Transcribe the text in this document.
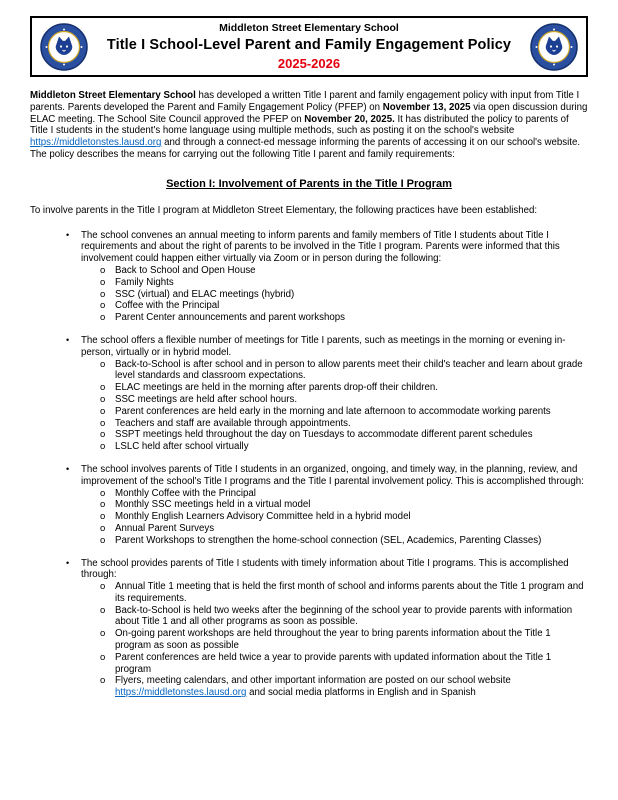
Middleton Street Elementary School
Title I School-Level Parent and Family Engagement Policy
2025-2026

Middleton Street Elementary School has developed a written Title I parent and family engagement policy with input from Title I parents. Parents developed the Parent and Family Engagement Policy (PFEP) on November 13, 2025 via open discussion during ELAC meeting. The School Site Council approved the PFEP on November 20, 2025. It has distributed the policy to parents of Title I students in the student's home language using multiple methods, such as posting it on the school's website https://middletonstes.lausd.org and through a connect-ed message informing the parents of accessing it on our school's website. The policy describes the means for carrying out the following Title I parent and family requirements:

Section I: Involvement of Parents in the Title I Program

To involve parents in the Title I program at Middleton Street Elementary, the following practices have been established:

•	The school convenes an annual meeting to inform parents and family members of Title I students about Title I requirements and about the right of parents to be involved in the Title I program. Parents were informed that this involvement could happen either virtually via Zoom or in person during the following:
o	Back to School and Open House
o	Family Nights
o	SSC (virtual) and ELAC meetings (hybrid)
o	Coffee with the Principal
o	Parent Center announcements and parent workshops
•	The school offers a flexible number of meetings for Title I parents, such as meetings in the morning or evening in-person, virtually or in hybrid model.
o	Back-to-School is after school and in person to allow parents meet their child's teacher and learn about grade level standards and classroom expectations.
o	ELAC meetings are held in the morning after parents drop-off their children.
o	SSC meetings are held after school hours.
o	Parent conferences are held early in the morning and late afternoon to accommodate working parents
o	Teachers and staff are available through appointments.
o	SSPT meetings held throughout the day on Tuesdays to accommodate different parent schedules
o	LSLC held after school virtually
•	The school involves parents of Title I students in an organized, ongoing, and timely way, in the planning, review, and improvement of the school's Title I programs and the Title I parental involvement policy. This is accomplished through:
o	Monthly Coffee with the Principal
o	Monthly SSC meetings held in a virtual model
o	Monthly English Learners Advisory Committee held in a hybrid model
o	Annual Parent Surveys
o	Parent Workshops to strengthen the home-school connection (SEL, Academics, Parenting Classes)
•	The school provides parents of Title I students with timely information about Title I programs. This is accomplished through:
o	Annual Title 1 meeting that is held the first month of school and informs parents about the Title 1 program and its requirements.
o	Back-to-School is held two weeks after the beginning of the school year to provide parents with information about Title 1 and all other programs as soon as possible.
o	On-going parent workshops are held throughout the year to bring parents information about the Title 1 program as soon as possible
o	Parent conferences are held twice a year to provide parents with updated information about the Title 1 program
o	Flyers, meeting calendars, and other important information are posted on our school website https://middletonstes.lausd.org and social media platforms in English and in Spanish
